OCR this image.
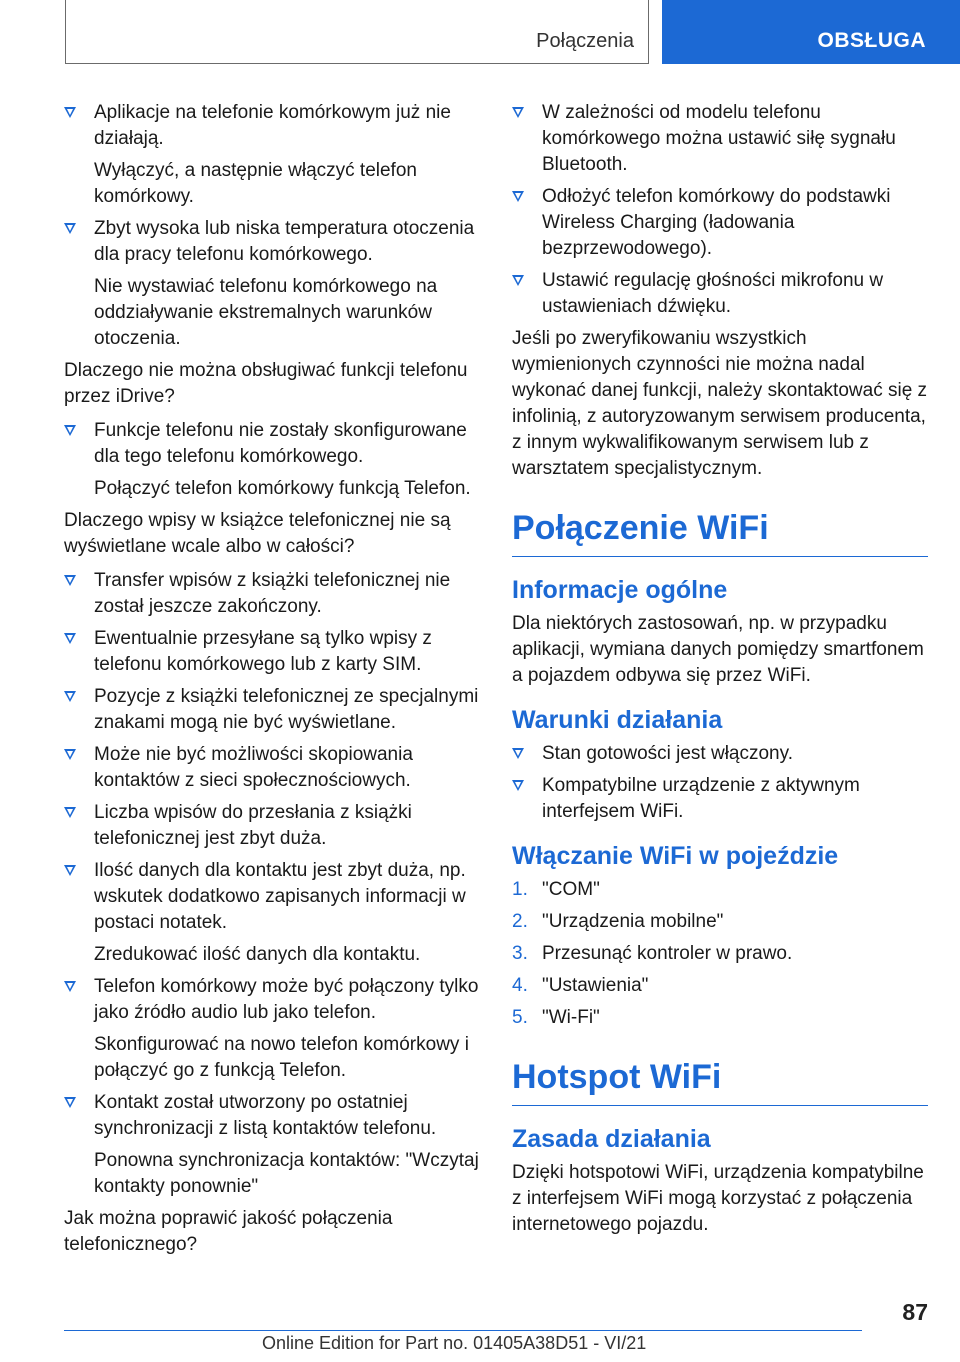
Połączenia	OBSŁUGA
Aplikacje na telefonie komórkowym już nie działają.
Wyłączyć, a następnie włączyć telefon komórkowy.
Zbyt wysoka lub niska temperatura otoczenia dla pracy telefonu komórkowego.
Nie wystawiać telefonu komórkowego na oddziaływanie ekstremalnych warunków otoczenia.
Dlaczego nie można obsługiwać funkcji telefonu przez iDrive?
Funkcje telefonu nie zostały skonfigurowane dla tego telefonu komórkowego.
Połączyć telefon komórkowy funkcją Telefon.
Dlaczego wpisy w książce telefonicznej nie są wyświetlane wcale albo w całości?
Transfer wpisów z książki telefonicznej nie został jeszcze zakończony.
Ewentualnie przesyłane są tylko wpisy z telefonu komórkowego lub z karty SIM.
Pozycje z książki telefonicznej ze specjalnymi znakami mogą nie być wyświetlane.
Może nie być możliwości skopiowania kontaktów z sieci społecznościowych.
Liczba wpisów do przesłania z książki telefonicznej jest zbyt duża.
Ilość danych dla kontaktu jest zbyt duża, np. wskutek dodatkowo zapisanych informacji w postaci notatek.
Zredukować ilość danych dla kontaktu.
Telefon komórkowy może być połączony tylko jako źródło audio lub jako telefon.
Skonfigurować na nowo telefon komórkowy i połączyć go z funkcją Telefon.
Kontakt został utworzony po ostatniej synchronizacji z listą kontaktów telefonu.
Ponowna synchronizacja kontaktów: "Wczytaj kontakty ponownie"
Jak można poprawić jakość połączenia telefonicznego?
W zależności od modelu telefonu komórkowego można ustawić siłę sygnału Bluetooth.
Odłożyć telefon komórkowy do podstawki Wireless Charging (ładowania bezprzewodowego).
Ustawić regulację głośności mikrofonu w ustawieniach dźwięku.

Jeśli po zweryfikowaniu wszystkich wymienionych czynności nie można nadal wykonać danej funkcji, należy skontaktować się z infolinią, z autoryzowanym serwisem producenta, z innym wykwalifikowanym serwisem lub z warsztatem specjalistycznym.

Połączenie WiFi
Informacje ogólne

Dla niektórych zastosowań, np. w przypadku aplikacji, wymiana danych pomiędzy smartfonem a pojazdem odbywa się przez WiFi.

Warunki działania
Stan gotowości jest włączony.
Kompatybilne urządzenie z aktywnym interfejsem WiFi.
Włączanie WiFi w pojeździe
1. "COM"
2. "Urządzenia mobilne"
3. Przesunąć kontroler w prawo.
4. "Ustawienia"
5. "Wi-Fi"
Hotspot WiFi
Zasada działania

Dzięki hotspotowi WiFi, urządzenia kompatybilne z interfejsem WiFi mogą korzystać z połączenia internetowego pojazdu.

87
Online Edition for Part no. 01405A38D51 - VI/21
